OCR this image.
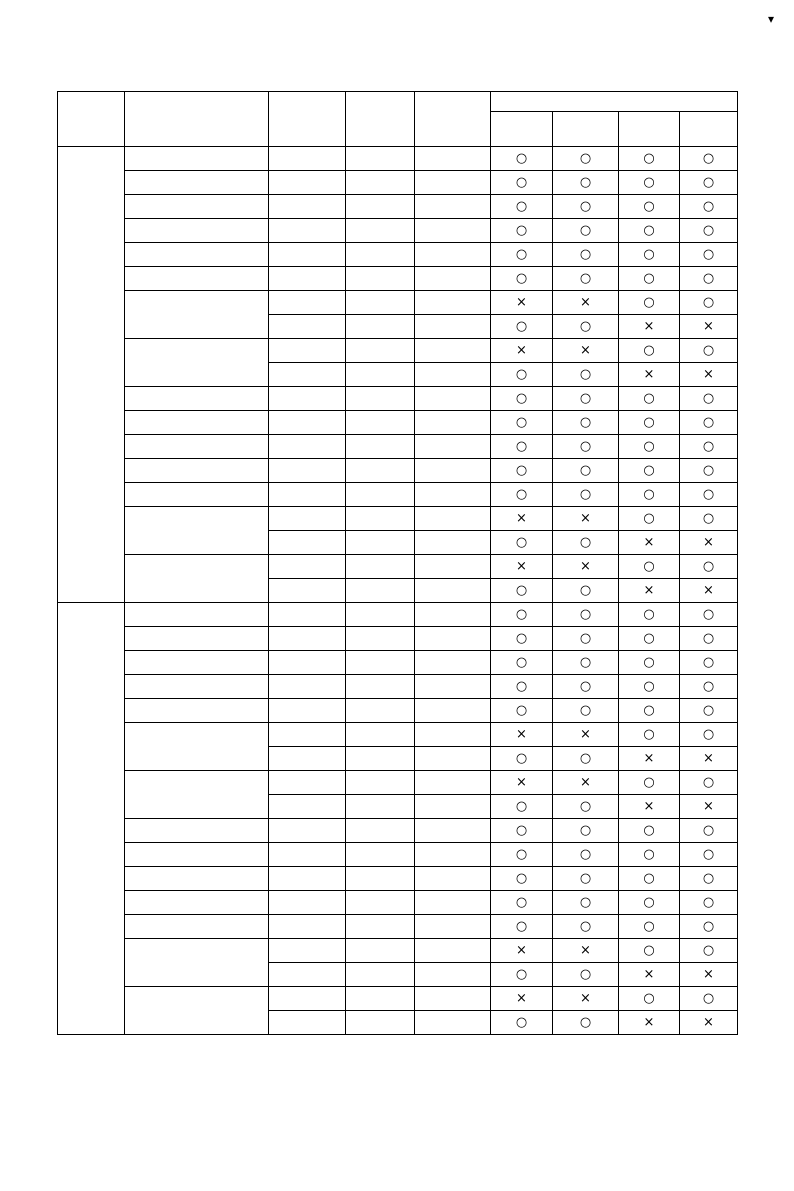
▾

					○	○	○	○
					○	○	○	○
					○	○	○	○
					○	○	○	○
					○	○	○	○
					○	○	○	○
					×	×	○	○
					○	○	×	×
					×	×	○	○
					○	○	×	×
					○	○	○	○
					○	○	○	○
					○	○	○	○
					○	○	○	○
					○	○	○	○
					×	×	○	○
					○	○	×	×
					×	×	○	○
					○	○	×	×
					○	○	○	○
					○	○	○	○
					○	○	○	○
					○	○	○	○
					○	○	○	○
					×	×	○	○
					○	○	×	×
					×	×	○	○
					○	○	×	×
					○	○	○	○
					○	○	○	○
					○	○	○	○
					○	○	○	○
					○	○	○	○
					×	×	○	○
					○	○	×	×
					×	×	○	○
					○	○	×	×
